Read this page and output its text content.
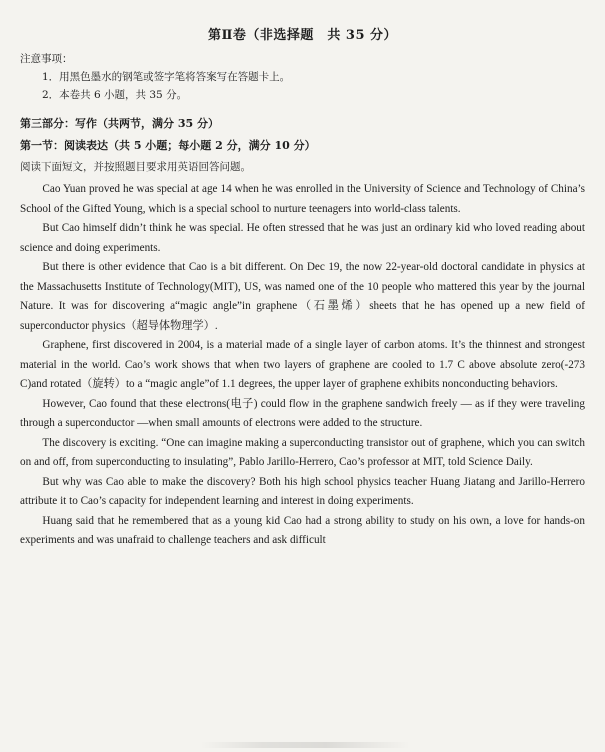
第Ⅱ卷（非选择题　共 35 分）
注意事项：
1．用黑色墨水的钢笔或签字笔将答案写在答题卡上。
2．本卷共 6 小题，共 35 分。
第三部分：写作（共两节，满分 35 分）
第一节：阅读表达（共 5 小题；每小题 2 分，满分 10 分）
阅读下面短文，并按照题目要求用英语回答问题。

Cao Yuan proved he was special at age 14 when he was enrolled in the University of Science and Technology of China’s School of the Gifted Young, which is a special school to nurture teenagers into world-class talents.

But Cao himself didn’t think he was special. He often stressed that he was just an ordinary kid who loved reading about science and doing experiments.

But there is other evidence that Cao is a bit different. On Dec 19, the now 22-year-old doctoral candidate in physics at the Massachusetts Institute of Technology(MIT), US, was named one of the 10 people who mattered this year by the journal Nature. It was for discovering a“magic angle”in graphene（石墨烯）sheets that he has opened up a new field of superconductor physics（超导体物理学）.

Graphene, first discovered in 2004, is a material made of a single layer of carbon atoms. It’s the thinnest and strongest material in the world. Cao’s work shows that when two layers of graphene are cooled to 1.7 C above absolute zero(-273 C)and rotated（旋转）to a “magic angle”of 1.1 degrees, the upper layer of graphene exhibits nonconducting behaviors.

However, Cao found that these electrons(电子) could flow in the graphene sandwich freely — as if they were traveling through a superconductor —when small amounts of electrons were added to the structure.

The discovery is exciting. “One can imagine making a superconducting transistor out of graphene, which you can switch on and off, from superconducting to insulating”, Pablo Jarillo-Herrero, Cao’s professor at MIT, told Science Daily.

But why was Cao able to make the discovery? Both his high school physics teacher Huang Jiatang and Jarillo-Herrero attribute it to Cao’s capacity for independent learning and interest in doing experiments.

Huang said that he remembered that as a young kid Cao had a strong ability to study on his own, a love for hands-on experiments and was unafraid to challenge teachers and ask difficult
